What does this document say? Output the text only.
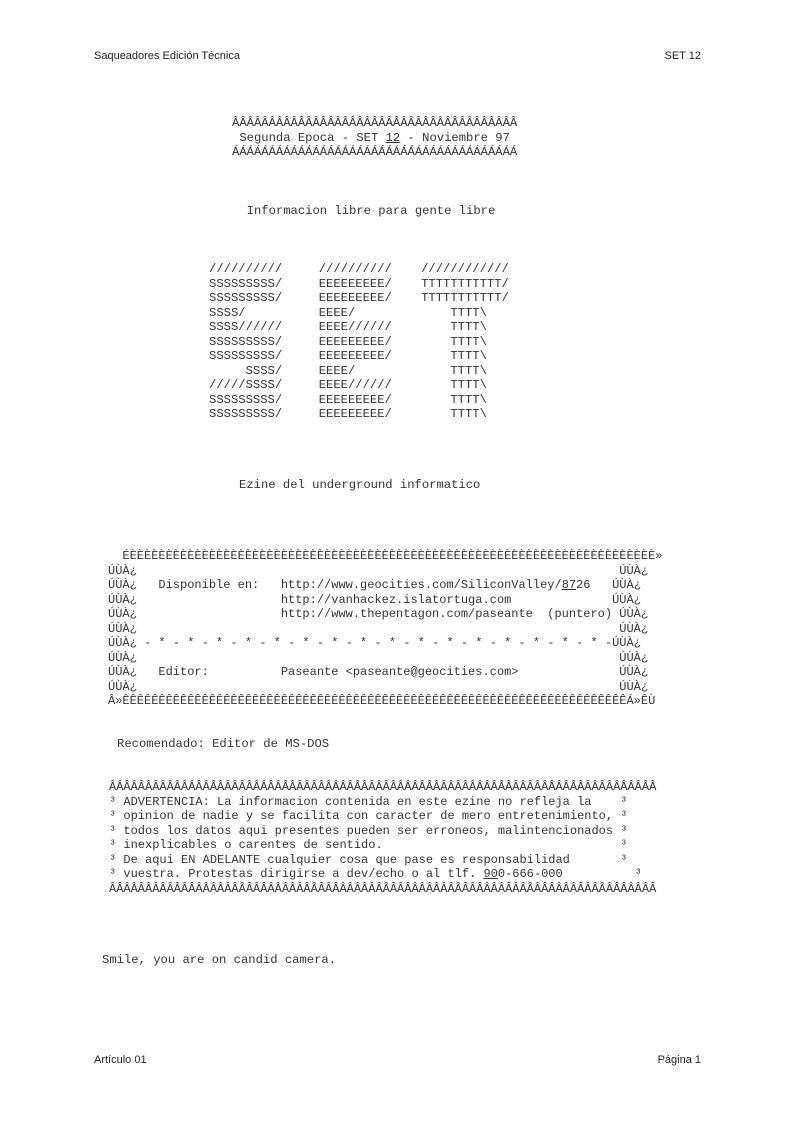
Saqueadores Edición Técnica	SET 12
ÂÂÂÂÂÂÂÂÂÂÂÂÂÂÂÂÂÂÂÂÂÂÂÂÂÂÂÂÂÂÂÂÂÂÂÂÂÂÂ
Segunda Epoca - SET 12 - Noviembre 97
ÁÁÁÁÁÁÁÁÁÁÁÁÁÁÁÁÁÁÁÁÁÁÁÁÁÁÁÁÁÁÁÁÁÁÁÁÁÁÁ
Informacion libre para gente libre
//////////     //////////    ////////////
SSSSSSSSS/     EEEEEEEEE/    TTTTTTTTTTT/
SSSSSSSSS/     EEEEEEEEE/    TTTTTTTTTTT/
SSSS/          EEEE/             TTTT\
SSSS//////     EEEE//////        TTTT\
SSSSSSSSS/     EEEEEEEEE/        TTTT\
SSSSSSSSS/     EEEEEEEEE/        TTTT\
SSSS/     EEEE/             TTTT\
/////SSSS/     EEEE//////        TTTT\
SSSSSSSSS/     EEEEEEEEE/        TTTT\
SSSSSSSSS/     EEEEEEEEE/        TTTT\
Ezine del underground informatico
ÉÈÈÈÈÈÈÈÈÈÈÈÈÈÈÈÈÈÈÈÈÈÈÈÈÈÈÈÈÈÈÈÈÈÈÈÈÈÈÈÈÈÈÈÈÈÈÈÈÈÈÈÈÈÈÈÈÈÈÈÈÈÈÈÈÈÈÈÈÈÈÈÈÈ»
ÚÙÀ¿                                                                   ÚÙÀ¿
ÚÙÀ¿   Disponible en:   http://www.geocities.com/SiliconValley/8726   ÚÙÀ¿
ÚÙÀ¿                    http://vanhackez.islatortuga.com              ÚÙÀ¿
ÚÙÀ¿                    http://www.thepentagon.com/paseante  (puntero) ÚÙÀ¿
ÚÙÀ¿                                                                   ÚÙÀ¿
ÚÙÀ¿ - * - * - * - * - * - * - * - * - * - * - * - * - * - * - * - * -ÚÙÀ¿
ÚÙÀ¿                                                                   ÚÙÀ¿
ÚÙÀ¿   Editor:          Paseante <paseante@geocities.com>              ÚÙÀ¿
ÚÙÀ¿                                                                   ÚÙÀ¿
Â»ÊÊÊÊÊÊÊÊÊÊÊÊÊÊÊÊÊÊÊÊÊÊÊÊÊÊÊÊÊÊÊÊÊÊÊÊÊÊÊÊÊÊÊÊÊÊÊÊÊÊÊÊÊÊÊÊÊÊÊÊÊÊÊÊÊÊÊÊÊÊÁ»ÊÙ
Recomendado: Editor de MS-DOS
ÂÂÂÂÂÂÂÂÂÂÂÂÂÂÂÂÂÂÂÂÂÂÂÂÂÂÂÂÂÂÂÂÂÂÂÂÂÂÂÂÂÂÂÂÂÂÂÂÂÂÂÂÂÂÂÂÂÂÂÂÂÂÂÂÂÂÂÂÂÂÂÂÂÂÂÂ
³ ADVERTENCIA: La informacion contenida en este ezine no refleja la    ³
³ opinion de nadie y se facilita con caracter de mero entretenimiento, ³
³ todos los datos aqui presentes pueden ser erroneos, malintencionados ³
³ inexplicables o carentes de sentido.                                 ³
³ De aqui EN ADELANTE cualquier cosa que pase es responsabilidad       ³
³ vuestra. Protestas dirigirse a dev/echo o al tlf. 900-666-000          ³
ÂÂÂÂÂÂÂÂÂÂÂÂÂÂÂÂÂÂÂÂÂÂÂÂÂÂÂÂÂÂÂÂÂÂÂÂÂÂÂÂÂÂÂÂÂÂÂÂÂÂÂÂÂÂÂÂÂÂÂÂÂÂÂÂÂÂÂÂÂÂÂÂÂÂÂÂ
Smile, you are on candid camera.
Artículo 01	Página 1
